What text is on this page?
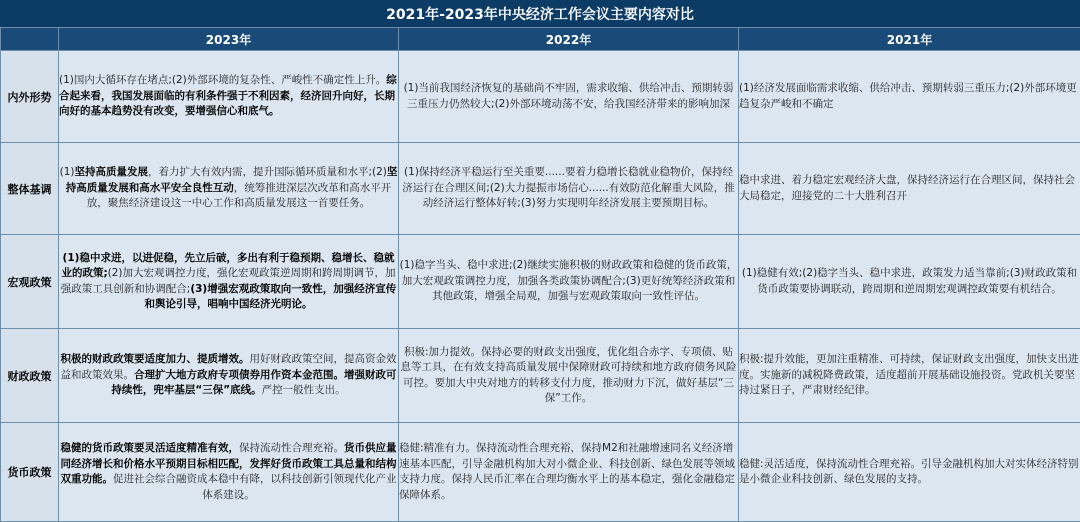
2021年-2023年中央经济工作会议主要内容对比
	2023年	2022年	2021年
内外形势	(1)国内大循环存在堵点;(2)外部环境的复杂性、严峻性不确定性上升。综合起来看，我国发展面临的有利条件强于不利因素，经济回升向好，长期向好的基本趋势没有改变，要增强信心和底气。	(1)当前我国经济恢复的基础尚不牢固，需求收缩、供给冲击、预期转弱三重压力仍然较大;(2)外部环境动荡不安，给我国经济带来的影响加深	(1)经济发展面临需求收缩、供给冲击、预期转弱三重压力;(2)外部环境更趋复杂严峻和不确定
整体基调	(1)坚持高质量发展，着力扩大有效内需，提升国际循环质量和水平;(2)坚持高质量发展和高水平安全良性互动，统筹推进深层次改革和高水平开放，聚焦经济建设这一中心工作和高质量发展这一首要任务。	(1)保持经济平稳运行至关重要......要着力稳增长稳就业稳物价，保持经济运行在合理区间;(2)大力提振市场信心......有效防范化解重大风险，推动经济运行整体好转;(3)努力实现明年经济发展主要预期目标。	稳中求进、着力稳定宏观经济大盘，保持经济运行在合理区间，保持社会大局稳定，迎接党的二十大胜利召开
宏观政策	(1)稳中求进，以进促稳，先立后破，多出有利于稳预期、稳增长、稳就业的政策;(2)加大宏观调控力度，强化宏观政策逆周期和跨周期调节，加强政策工具创新和协调配合;(3)增强宏观政策取向一致性，加强经济宣传和舆论引导，唱响中国经济光明论。	(1)稳字当头、稳中求进;(2)继续实施积极的财政政策和稳健的货币政策，加大宏观政策调控力度，加强各类政策协调配合;(3)更好统筹经济政策和其他政策，增强全局观，加强与宏观政策取向一致性评估。	(1)稳健有效;(2)稳字当头、稳中求进，政策发力适当靠前;(3)财政政策和货币政策要协调联动，跨周期和逆周期宏观调控政策要有机结合。
财政政策	积极的财政政策要适度加力、提质增效。用好财政政策空间，提高资金效益和政策效果。合理扩大地方政府专项债券用作资本金范围。增强财政可持续性，兜牢基层“三保”底线。严控一般性支出。	积极:加力提效。保持必要的财政支出强度，优化组合赤字、专项债、贴息等工具，在有效支持高质量发展中保障财政可持续和地方政府债务风险可控。要加大中央对地方的转移支付力度，推动财力下沉，做好基层“三保”工作。	积极:提升效能，更加注重精准、可持续，保证财政支出强度，加快支出进度。实施新的减税降费政策，适度超前开展基础设施投资。党政机关要坚持过紧日子，严肃财经纪律。
货币政策	稳健的货币政策要灵活适度精准有效，保持流动性合理充裕。货币供应量同经济增长和价格水平预期目标相匹配，发挥好货币政策工具总量和结构双重功能。促进社会综合融资成本稳中有降，以科技创新引领现代化产业体系建设。	稳健:精准有力。保持流动性合理充裕，保持M2和社融增速同名义经济增速基本匹配，引导金融机构加大对小微企业、科技创新、绿色发展等领域支持力度。保持人民币汇率在合理均衡水平上的基本稳定，强化金融稳定保障体系。	稳健:灵活适度，保持流动性合理充裕。引导金融机构加大对实体经济特别是小微企业科技创新、绿色发展的支持。
